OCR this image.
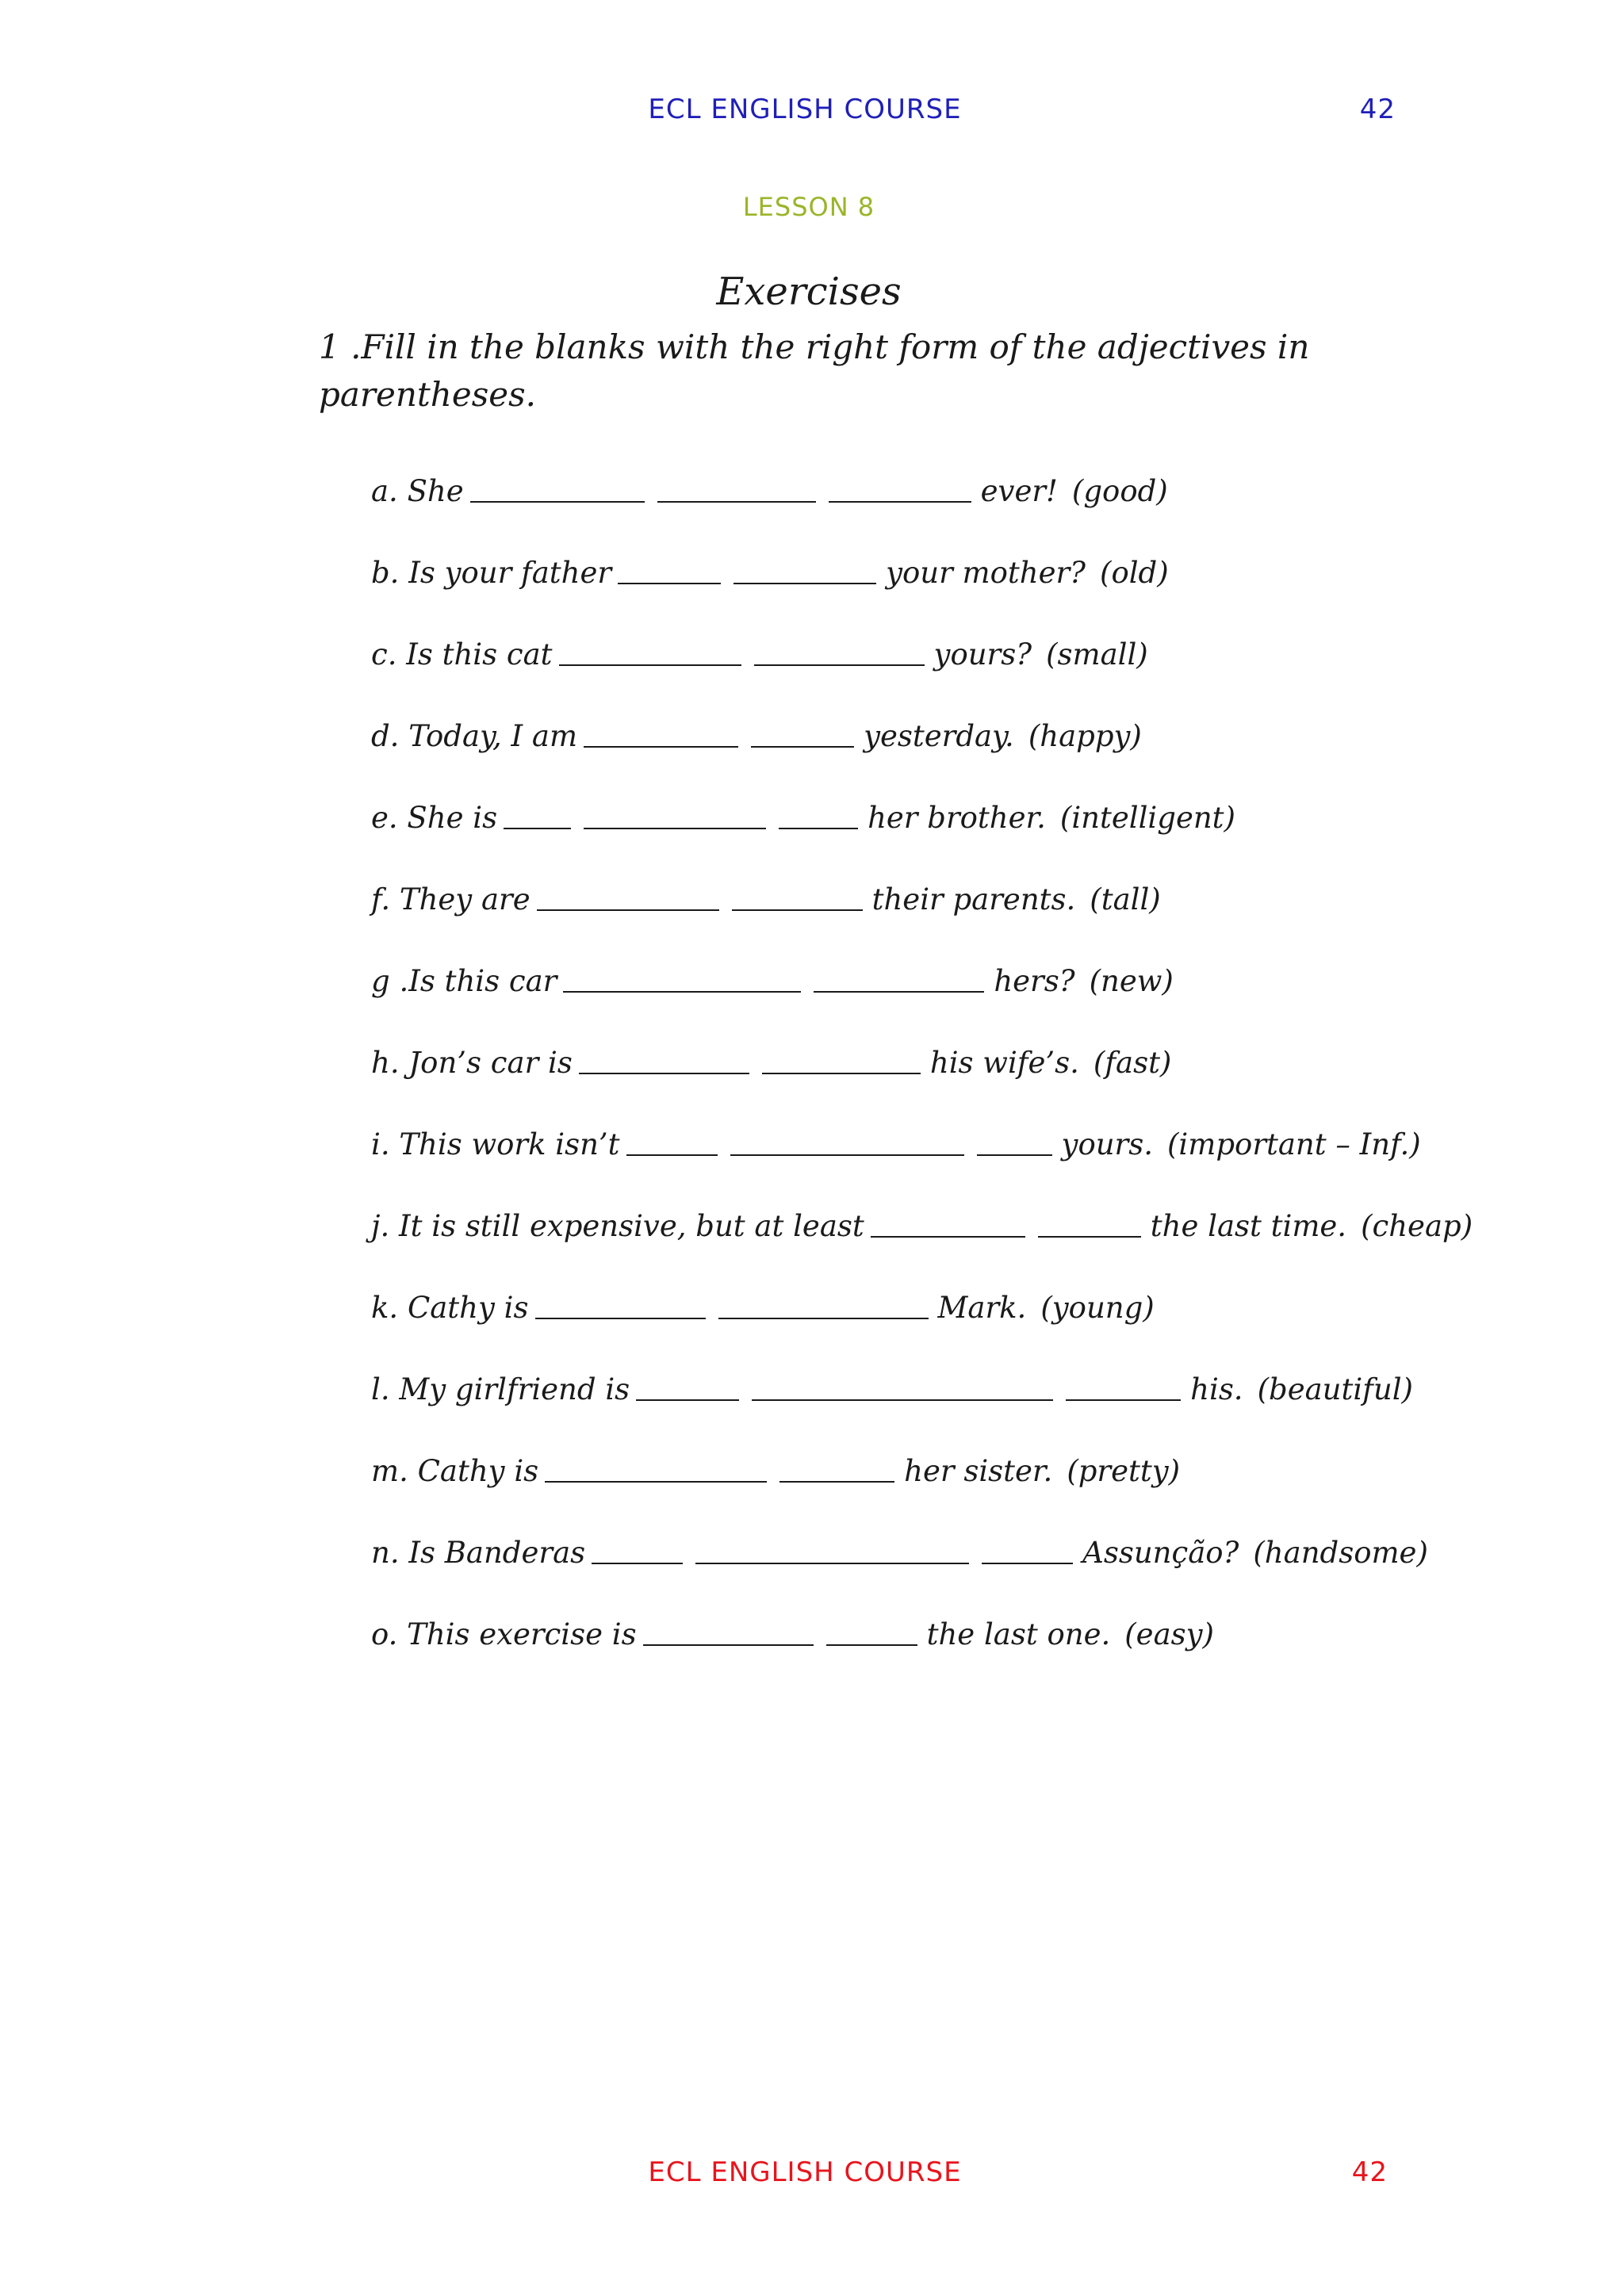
ECL ENGLISH COURSE	42
LESSON 8
Exercises
1 .Fill in the blanks with the right form of the adjectives in parentheses.
a. She	ever! (good)
b. Is your father	your mother? (old)
c. Is this cat	yours? (small)
d. Today, I am	yesterday. (happy)
e. She is	her brother. (intelligent)
f. They are	their parents. (tall)
g .Is this car	hers? (new)
h. Jon’s car is	his wife’s. (fast)
i. This work isn’t	yours. (important – Inf.)
j. It is still expensive, but at least	the last time. (cheap)
k. Cathy is	Mark. (young)
l. My girlfriend is	his. (beautiful)
m. Cathy is	her sister. (pretty)
n. Is Banderas	Assunção? (handsome)
o. This exercise is	the last one. (easy)
ECL ENGLISH COURSE	42
